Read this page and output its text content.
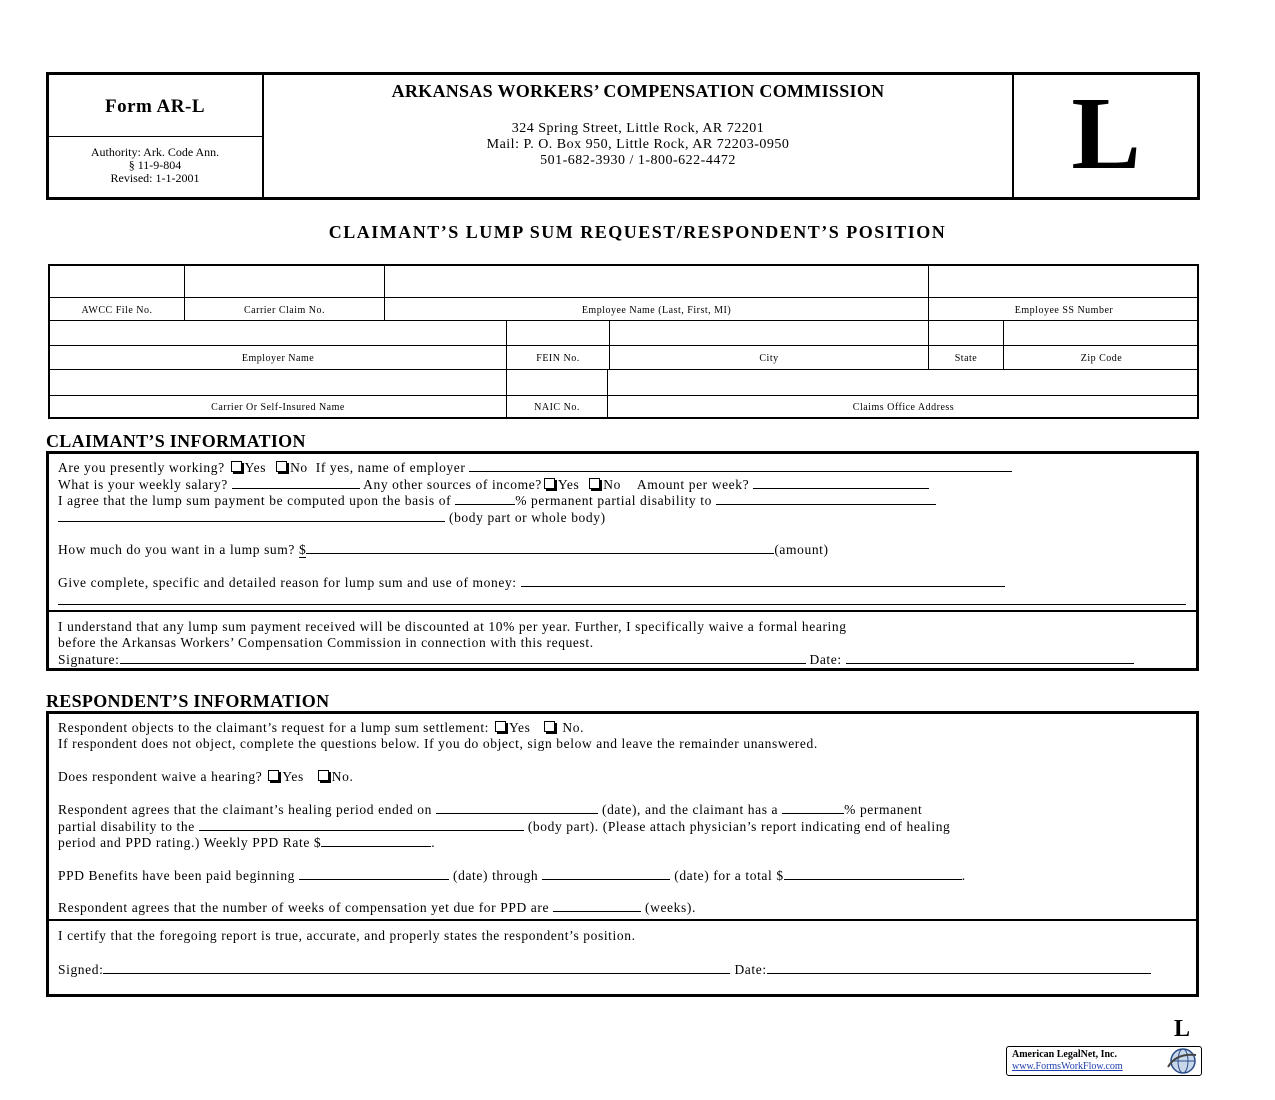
Form AR-L
Authority: Ark. Code Ann.
§ 11-9-804
Revised: 1-1-2001
ARKANSAS WORKERS’ COMPENSATION COMMISSION
324 Spring Street, Little Rock, AR 72201
Mail: P. O. Box 950, Little Rock, AR 72203-0950
501-682-3930 / 1-800-622-4472	L
CLAIMANT’S LUMP SUM REQUEST/RESPONDENT’S POSITION
AWCC File No.	Carrier Claim No.	Employee Name (Last, First, MI)	Employee SS Number
Employer Name	FEIN No.	City	State	Zip Code
Carrier Or Self-Insured Name	NAIC No.	Claims Office Address
CLAIMANT’S INFORMATION
Are you presently working? Yes No If yes, name of employer
What is your weekly salary?	Any other sources of income? Yes No Amount per week?
I agree that the lump sum payment be computed upon the basis of	% permanent partial disability to
(body part or whole body)
How much do you want in a lump sum? $	(amount)
Give complete, specific and detailed reason for lump sum and use of money:
I understand that any lump sum payment received will be discounted at 10% per year. Further, I specifically waive a formal hearing
before the Arkansas Workers’ Compensation Commission in connection with this request.
Signature:	Date:
RESPONDENT’S INFORMATION
Respondent objects to the claimant’s request for a lump sum settlement: Yes No.
If respondent does not object, complete the questions below. If you do object, sign below and leave the remainder unanswered.
Does respondent waive a hearing? Yes No.
Respondent agrees that the claimant’s healing period ended on	(date), and the claimant has a	% permanent
partial disability to the	(body part). (Please attach physician’s report indicating end of healing
period and PPD rating.) Weekly PPD Rate $	.
PPD Benefits have been paid beginning	(date) through	(date) for a total $	.
Respondent agrees that the number of weeks of compensation yet due for PPD are	(weeks).
I certify that the foregoing report is true, accurate, and properly states the respondent’s position.
Signed:	Date:
L
American LegalNet, Inc.
www.FormsWorkFlow.com
